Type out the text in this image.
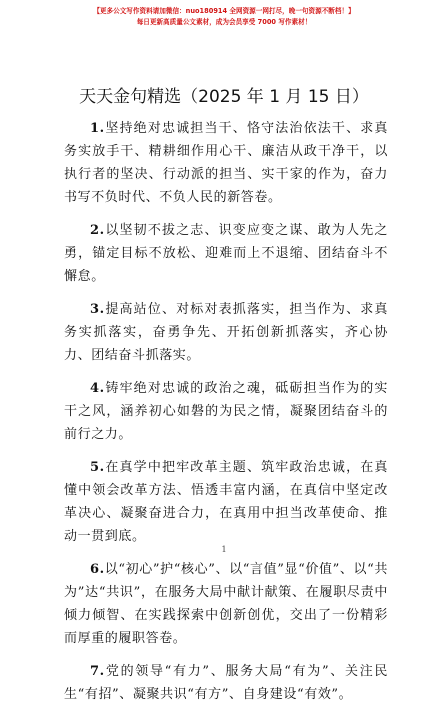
【更多公文写作资料请加微信：nuo180914 全网资源一网打尽，晚一句资源不断档！】
每日更新高质量公文素材，成为会员享受 7000 写作素材！
天天金句精选（2025 年 1 月 15 日）

1.坚持绝对忠诚担当干、恪守法治依法干、求真务实放手干、精耕细作用心干、廉洁从政干净干，以执行者的坚决、行动派的担当、实干家的作为，奋力书写不负时代、不负人民的新答卷。

2.以坚韧不拔之志、识变应变之谋、敢为人先之勇，锚定目标不放松、迎难而上不退缩、团结奋斗不懈怠。

3.提高站位、对标对表抓落实，担当作为、求真务实抓落实，奋勇争先、开拓创新抓落实，齐心协力、团结奋斗抓落实。

4.铸牢绝对忠诚的政治之魂，砥砺担当作为的实干之风，涵养初心如磐的为民之情，凝聚团结奋斗的前行之力。

5.在真学中把牢改革主题、筑牢政治忠诚，在真懂中领会改革方法、悟透丰富内涵，在真信中坚定改革决心、凝聚奋进合力，在真用中担当改革使命、推动一贯到底。

6.以“初心”护“核心”、以“言值”显“价值”、以“共为”达“共识”，在服务大局中献计献策、在履职尽责中倾力倾智、在实践探索中创新创优，交出了一份精彩而厚重的履职答卷。

7.党的领导“有力”、服务大局“有为”、关注民生“有招”、凝聚共识“有方”、自身建设“有效”。

1
